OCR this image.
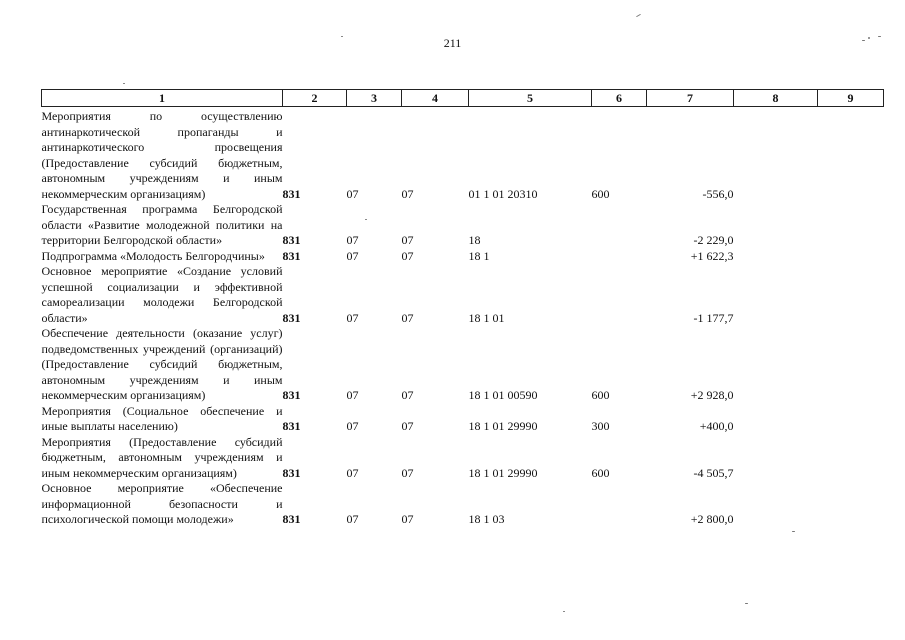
211
1	2	3	4	5	6	7	8	9

Мероприятия по осуществлению антинаркотической пропаганды и антинаркотического просвещения (Предоставление субсидий бюджетным, автономным учреждениям и иным некоммерческим организациям)	831	07	07	01 1 01 20310	600	-556,0		
Государственная программа Белгородской области «Развитие молодежной политики на территории Белгородской области»	831	07	07	18		-2 229,0		
Подпрограмма «Молодость Белгородчины»	831	07	07	18 1		+1 622,3		
Основное мероприятие «Создание условий успешной социализации и эффективной самореализации молодежи Белгородской области»	831	07	07	18 1 01		-1 177,7		
Обеспечение деятельности (оказание услуг) подведомственных учреждений (организаций) (Предоставление субсидий бюджетным, автономным учреждениям и иным некоммерческим организациям)	831	07	07	18 1 01 00590	600	+2 928,0		
Мероприятия (Социальное обеспечение и иные выплаты населению)	831	07	07	18 1 01 29990	300	+400,0		
Мероприятия (Предоставление субсидий бюджетным, автономным учреждениям и иным некоммерческим организациям)	831	07	07	18 1 01 29990	600	-4 505,7		
Основное мероприятие «Обеспечение информационной безопасности и психологической помощи молодежи»	831	07	07	18 1 03		+2 800,0		
